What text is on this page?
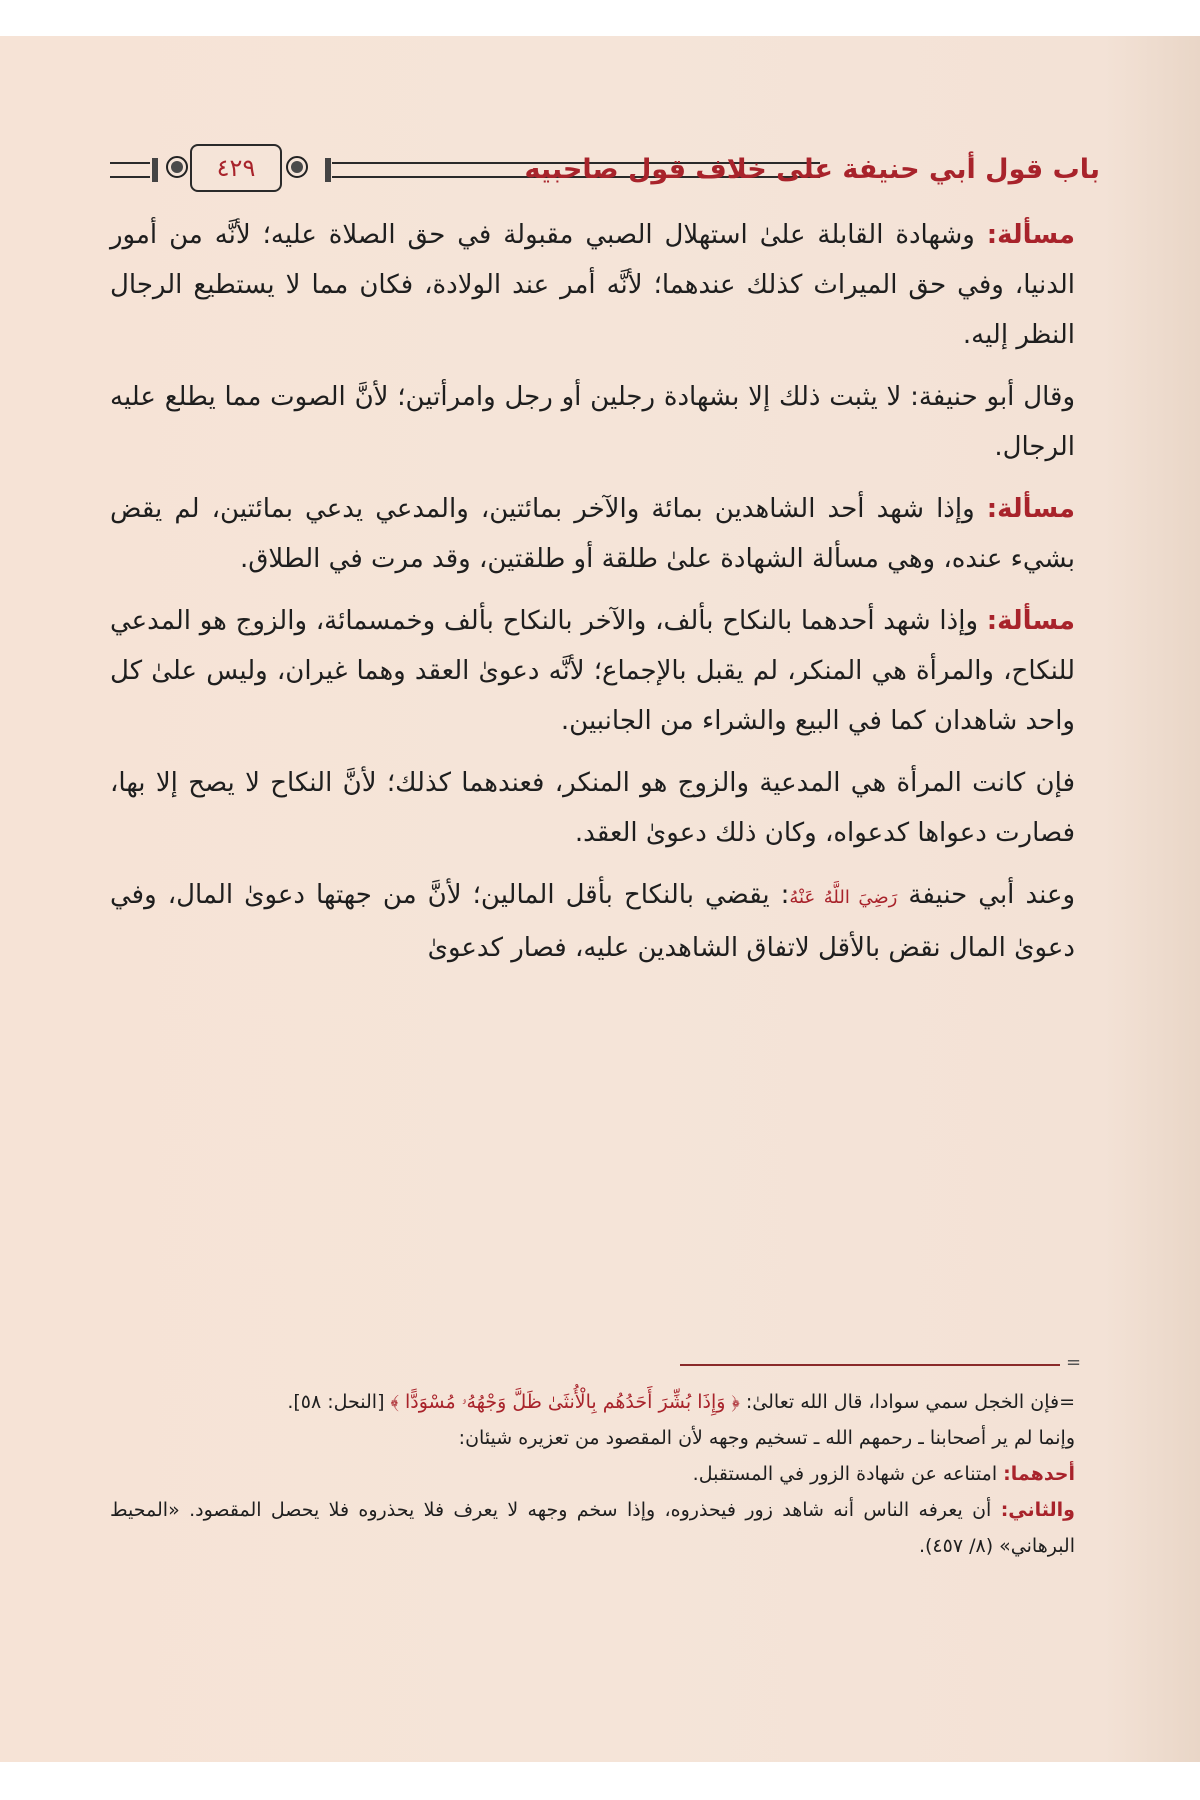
٤٢٩	باب قول أبي حنيفة على خلاف قول صاحبيه

مسألة: وشهادة القابلة علىٰ استهلال الصبي مقبولة في حق الصلاة عليه؛ لأنَّه من أمور الدنيا، وفي حق الميراث كذلك عندهما؛ لأنَّه أمر عند الولادة، فكان مما لا يستطيع الرجال النظر إليه.

وقال أبو حنيفة: لا يثبت ذلك إلا بشهادة رجلين أو رجل وامرأتين؛ لأنَّ الصوت مما يطلع عليه الرجال.

مسألة: وإذا شهد أحد الشاهدين بمائة والآخر بمائتين، والمدعي يدعي بمائتين، لم يقض بشيء عنده، وهي مسألة الشهادة علىٰ طلقة أو طلقتين، وقد مرت في الطلاق.

مسألة: وإذا شهد أحدهما بالنكاح بألف، والآخر بالنكاح بألف وخمسمائة، والزوج هو المدعي للنكاح، والمرأة هي المنكر، لم يقبل بالإجماع؛ لأنَّه دعوىٰ العقد وهما غيران، وليس علىٰ كل واحد شاهدان كما في البيع والشراء من الجانبين.

فإن كانت المرأة هي المدعية والزوج هو المنكر، فعندهما كذلك؛ لأنَّ النكاح لا يصح إلا بها، فصارت دعواها كدعواه، وكان ذلك دعوىٰ العقد.

وعند أبي حنيفة رَضِيَ اللَّهُ عَنْهُ: يقضي بالنكاح بأقل المالين؛ لأنَّ من جهتها دعوىٰ المال، وفي دعوىٰ المال نقض بالأقل لاتفاق الشاهدين عليه، فصار كدعوىٰ

=

=فإن الخجل سمي سوادا، قال الله تعالىٰ: ﴿ وَإِذَا بُشِّرَ أَحَدُهُم بِالْأُنثَىٰ ظَلَّ وَجْهُهُۥ مُسْوَدًّا ﴾ [النحل: ٥٨].

وإنما لم ير أصحابنا ـ رحمهم الله ـ تسخيم وجهه لأن المقصود من تعزيره شيئان:

أحدهما: امتناعه عن شهادة الزور في المستقبل.

والثاني: أن يعرفه الناس أنه شاهد زور فيحذروه، وإذا سخم وجهه لا يعرف فلا يحذروه فلا يحصل المقصود. «المحيط البرهاني» (٨/ ٤٥٧).
